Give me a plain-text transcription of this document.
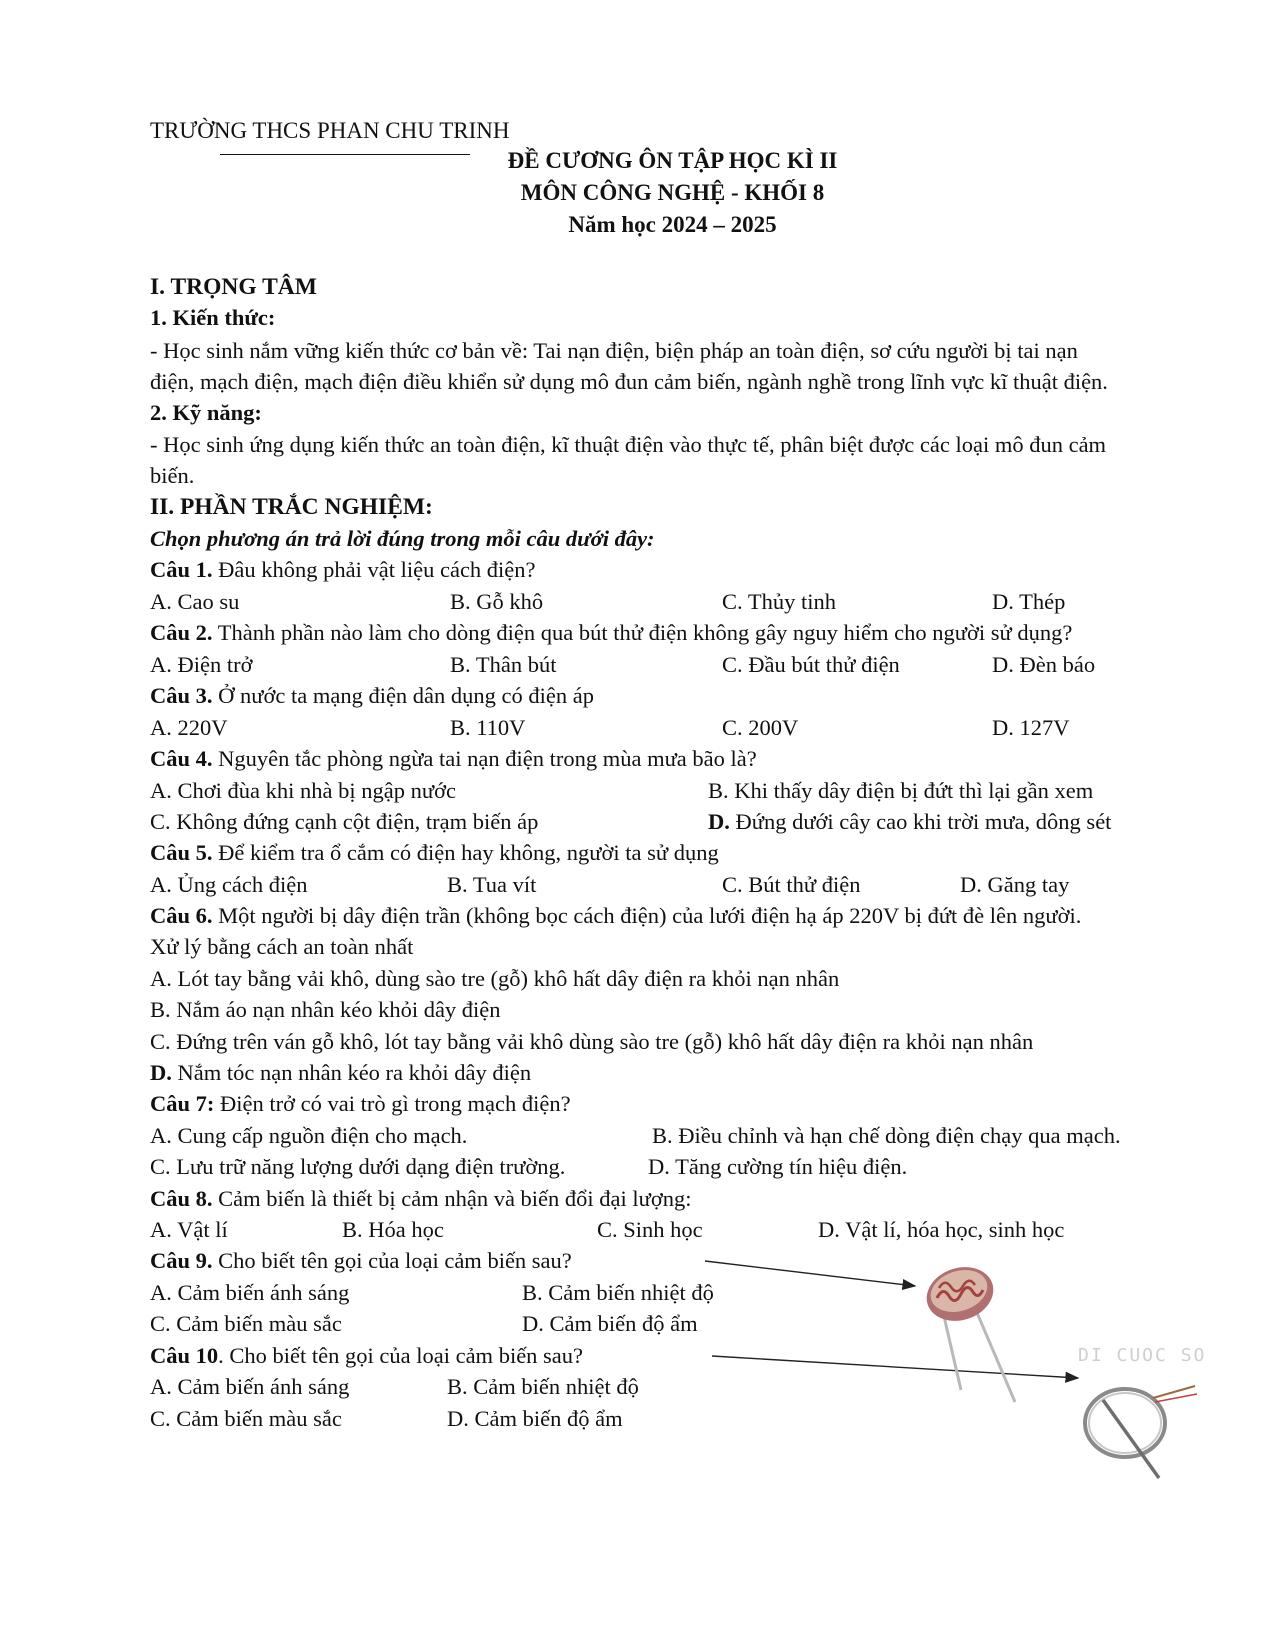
TRƯỜNG THCS PHAN CHU TRINH
ĐỀ CƯƠNG ÔN TẬP HỌC KÌ II
MÔN CÔNG NGHỆ - KHỐI 8
Năm học 2024 – 2025
I. TRỌNG TÂM
1. Kiến thức:
- Học sinh nắm vững kiến thức cơ bản về: Tai nạn điện, biện pháp an toàn điện, sơ cứu người bị tai nạn
điện, mạch điện, mạch điện điều khiển sử dụng mô đun cảm biến, ngành nghề trong lĩnh vực kĩ thuật điện.
2. Kỹ năng:
- Học sinh ứng dụng kiến thức an toàn điện, kĩ thuật điện vào thực tế, phân biệt được các loại mô đun cảm
biến.
II. PHẦN TRẮC NGHIỆM:
Chọn phương án trả lời đúng trong mỗi câu dưới đây:
Câu 1. Đâu không phải vật liệu cách điện?
A. Cao su	B. Gỗ khô	C. Thủy tinh	D. Thép
Câu 2. Thành phần nào làm cho dòng điện qua bút thử điện không gây nguy hiểm cho người sử dụng?
A. Điện trở	B. Thân bút	C. Đầu bút thử điện	D. Đèn báo
Câu 3. Ở nước ta mạng điện dân dụng có điện áp
A. 220V	B. 110V	C. 200V	D. 127V
Câu 4. Nguyên tắc phòng ngừa tai nạn điện trong mùa mưa bão là?
A. Chơi đùa khi nhà bị ngập nước	B. Khi thấy dây điện bị đứt thì lại gần xem
C. Không đứng cạnh cột điện, trạm biến áp	D. Đứng dưới cây cao khi trời mưa, dông sét
Câu 5. Để kiểm tra ổ cắm có điện hay không, người ta sử dụng
A. Ủng cách điện	B. Tua vít	C. Bút thử điện	D. Găng tay
Câu 6. Một người bị dây điện trần (không bọc cách điện) của lưới điện hạ áp 220V bị đứt đè lên người.
Xử lý bằng cách an toàn nhất
A. Lót tay bằng vải khô, dùng sào tre (gỗ) khô hất dây điện ra khỏi nạn nhân
B. Nắm áo nạn nhân kéo khỏi dây điện
C. Đứng trên ván gỗ khô, lót tay bằng vải khô dùng sào tre (gỗ) khô hất dây điện ra khỏi nạn nhân
D. Nắm tóc nạn nhân kéo ra khỏi dây điện
Câu 7: Điện trở có vai trò gì trong mạch điện?
A. Cung cấp nguồn điện cho mạch.	B. Điều chỉnh và hạn chế dòng điện chạy qua mạch.
C. Lưu trữ năng lượng dưới dạng điện trường.	D. Tăng cường tín hiệu điện.
Câu 8. Cảm biến là thiết bị cảm nhận và biến đổi đại lượng:
A. Vật lí	B. Hóa học	C. Sinh học	D. Vật lí, hóa học, sinh học
Câu 9. Cho biết tên gọi của loại cảm biến sau?
A. Cảm biến ánh sáng	B. Cảm biến nhiệt độ
C. Cảm biến màu sắc	D. Cảm biến độ ẩm
Câu 10. Cho biết tên gọi của loại cảm biến sau?
A. Cảm biến ánh sáng	B. Cảm biến nhiệt độ
C. Cảm biến màu sắc	D. Cảm biến độ ẩm
DI CUOC SO
